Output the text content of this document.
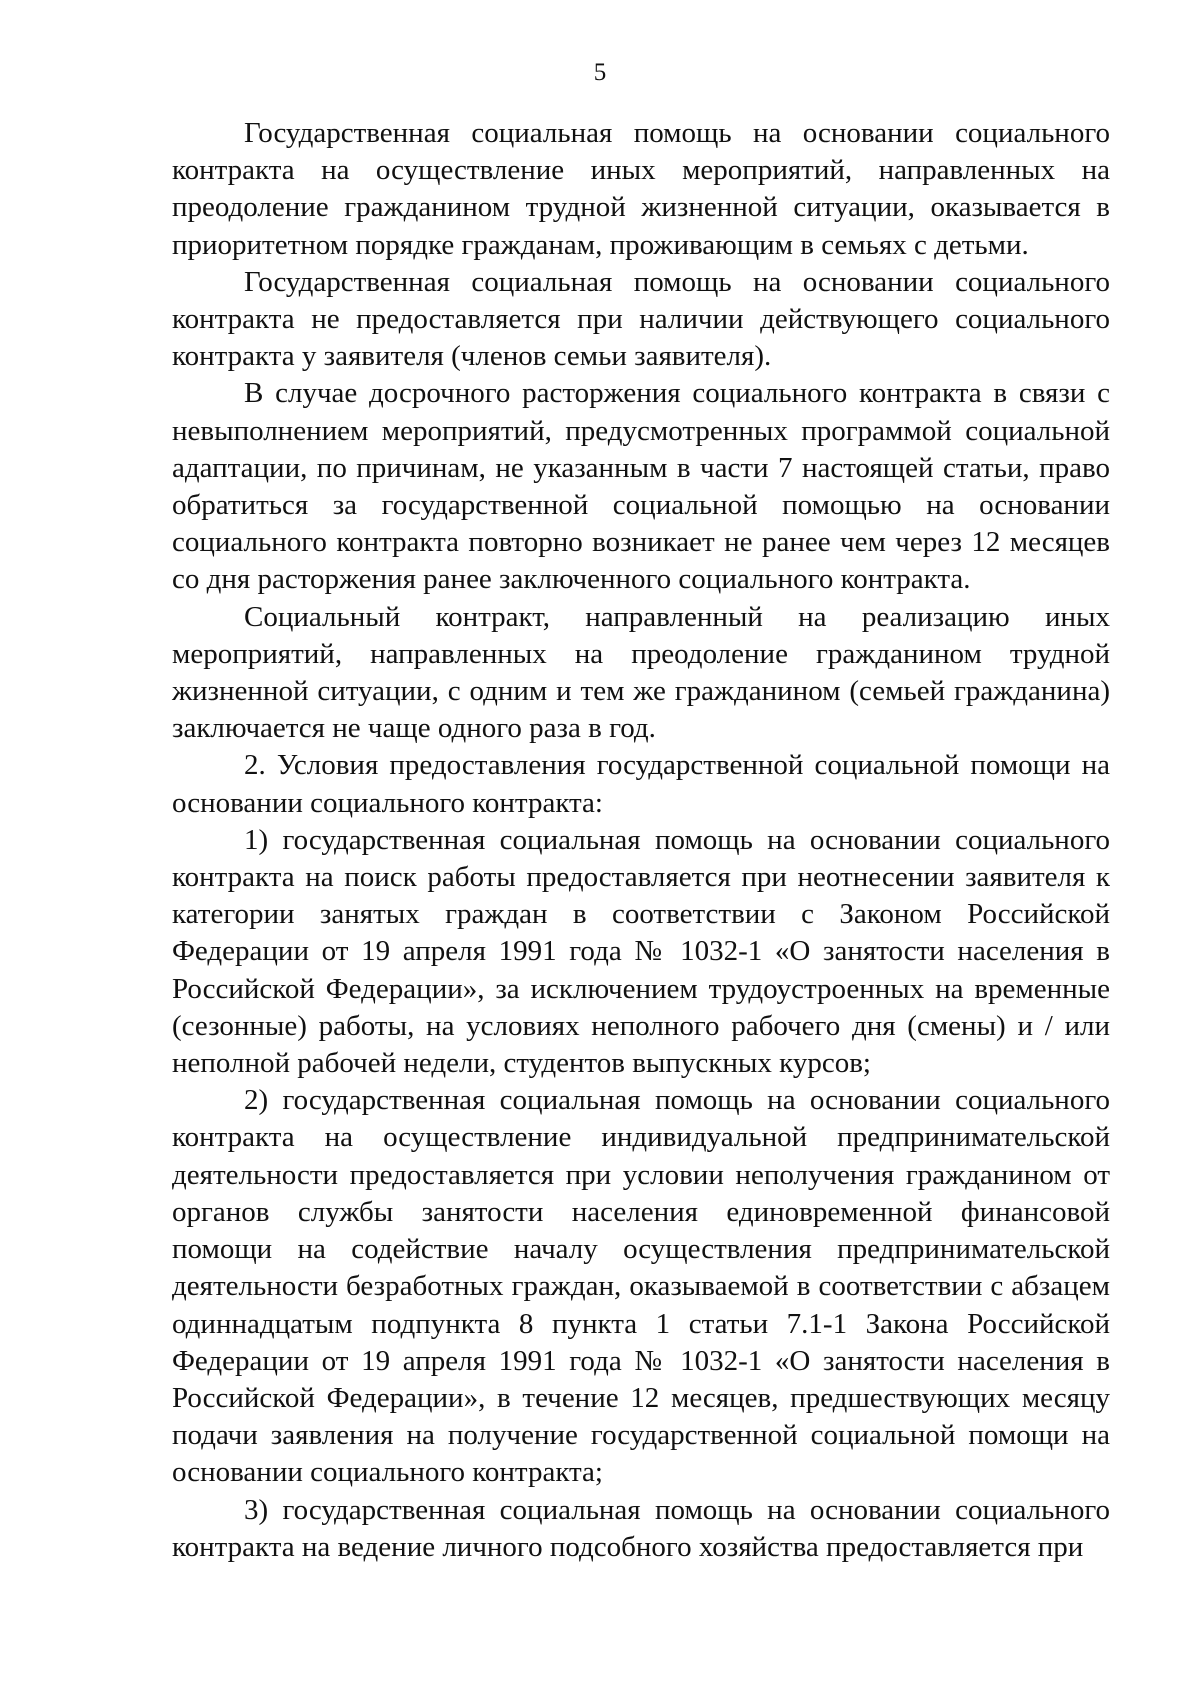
5

Государственная социальная помощь на основании социального контракта на осуществление иных мероприятий, направленных на преодоление гражданином трудной жизненной ситуации, оказывается в приоритетном порядке гражданам, проживающим в семьях с детьми.

Государственная социальная помощь на основании социального контракта не предоставляется при наличии действующего социального контракта у заявителя (членов семьи заявителя).

В случае досрочного расторжения социального контракта в связи с невыполнением мероприятий, предусмотренных программой социальной адаптации, по причинам, не указанным в части 7 настоящей статьи, право обратиться за государственной социальной помощью на основании социального контракта повторно возникает не ранее чем через 12 месяцев со дня расторжения ранее заключенного социального контракта.

Социальный контракт, направленный на реализацию иных мероприятий, направленных на преодоление гражданином трудной жизненной ситуации, с одним и тем же гражданином (семьей гражданина) заключается не чаще одного раза в год.

2. Условия предоставления государственной социальной помощи на основании социального контракта:

1) государственная социальная помощь на основании социального контракта на поиск работы предоставляется при неотнесении заявителя к категории занятых граждан в соответствии с Законом Российской Федерации от 19 апреля 1991 года № 1032-1 «О занятости населения в Российской Федерации», за исключением трудоустроенных на временные (сезонные) работы, на условиях неполного рабочего дня (смены) и / или неполной рабочей недели, студентов выпускных курсов;

2) государственная социальная помощь на основании социального контракта на осуществление индивидуальной предпринимательской деятельности предоставляется при условии неполучения гражданином от органов службы занятости населения единовременной финансовой помощи на содействие началу осуществления предпринимательской деятельности безработных граждан, оказываемой в соответствии с абзацем одиннадцатым подпункта 8 пункта 1 статьи 7.1-1 Закона Российской Федерации от 19 апреля 1991 года № 1032-1 «О занятости населения в Российской Федерации», в течение 12 месяцев, предшествующих месяцу подачи заявления на получение государственной социальной помощи на основании социального контракта;

3) государственная социальная помощь на основании социального контракта на ведение личного подсобного хозяйства предоставляется при
